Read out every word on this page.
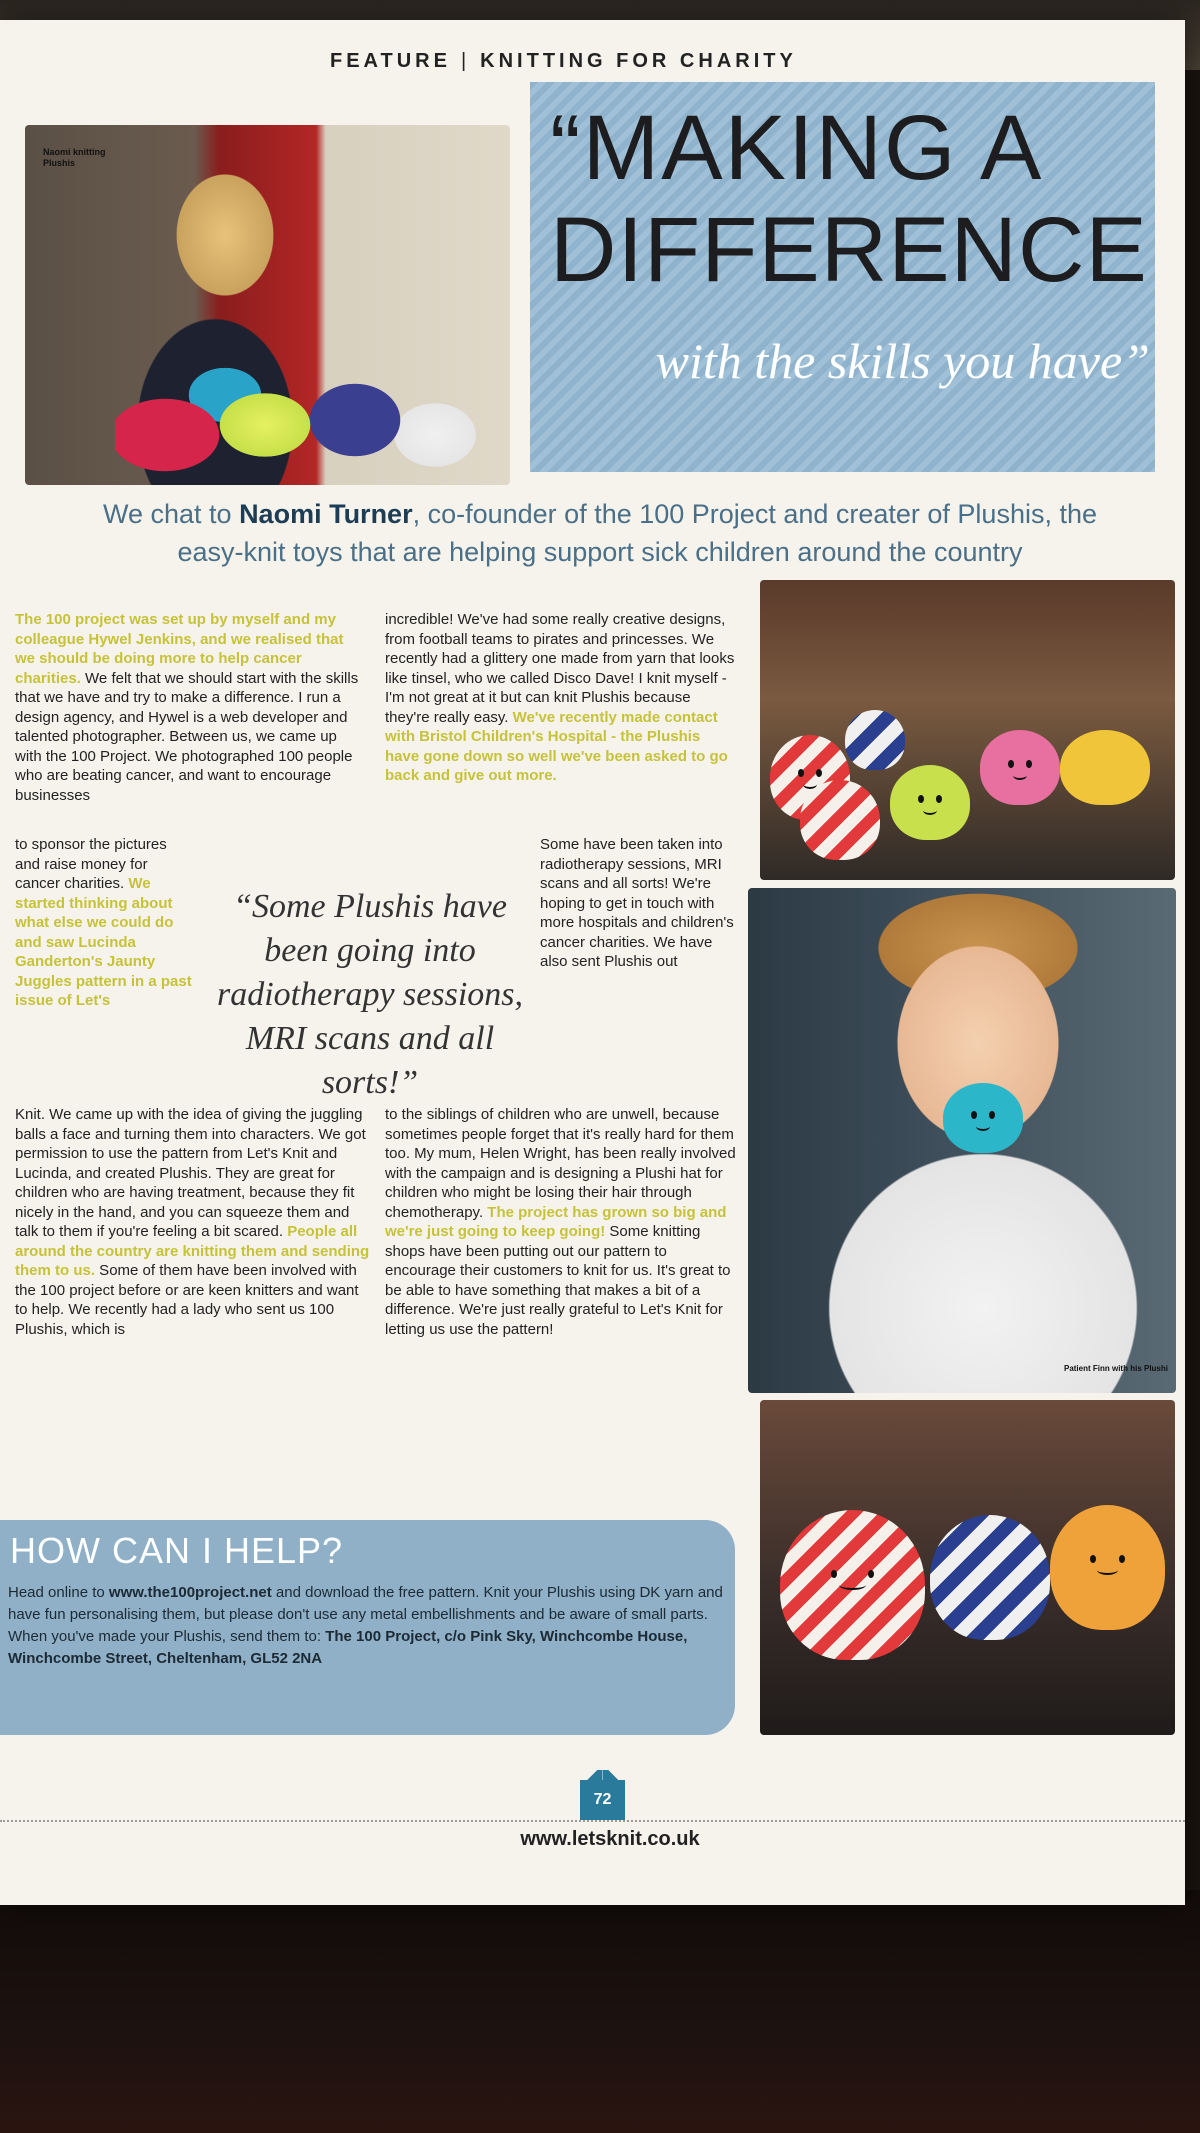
FEATURE | KNITTING FOR CHARITY
Naomi knitting Plushis	“MAKING A
DIFFERENCE
with the skills you have”
We chat to Naomi Turner, co-founder of the 100 Project and creater of Plushis, the easy-knit toys that are helping support sick children around the country
The 100 project was set up by myself and my colleague Hywel Jenkins, and we realised that we should be doing more to help cancer charities. We felt that we should start with the skills that we have and try to make a difference. I run a design agency, and Hywel is a web developer and talented photographer. Between us, we came up with the 100 Project. We photographed 100 people who are beating cancer, and want to encourage businesses
to sponsor the pictures and raise money for cancer charities. We started thinking about what else we could do and saw Lucinda Ganderton's Jaunty Juggles pattern in a past issue of Let's
Knit. We came up with the idea of giving the juggling balls a face and turning them into characters. We got permission to use the pattern from Let's Knit and Lucinda, and created Plushis. They are great for children who are having treatment, because they fit nicely in the hand, and you can squeeze them and talk to them if you're feeling a bit scared. People all around the country are knitting them and sending them to us. Some of them have been involved with the 100 project before or are keen knitters and want to help. We recently had a lady who sent us 100 Plushis, which is
incredible! We've had some really creative designs, from football teams to pirates and princesses. We recently had a glittery one made from yarn that looks like tinsel, who we called Disco Dave! I knit myself - I'm not great at it but can knit Plushis because they're really easy. We've recently made contact with Bristol Children's Hospital - the Plushis have gone down so well we've been asked to go back and give out more.
Some have been taken into radiotherapy sessions, MRI scans and all sorts! We're hoping to get in touch with more hospitals and children's cancer charities. We have also sent Plushis out
to the siblings of children who are unwell, because sometimes people forget that it's really hard for them too. My mum, Helen Wright, has been really involved with the campaign and is designing a Plushi hat for children who might be losing their hair through chemotherapy. The project has grown so big and we're just going to keep going! Some knitting shops have been putting out our pattern to encourage their customers to knit for us. It's great to be able to have something that makes a bit of a difference. We're just really grateful to Let's Knit for letting us use the pattern!
“Some Plushis have been going into radiotherapy sessions, MRI scans and all sorts!”
Patient Finn with his Plushi
HOW CAN I HELP?
Head online to www.the100project.net and download the free pattern. Knit your Plushis using DK yarn and have fun personalising them, but please don't use any metal embellishments and be aware of small parts. When you've made your Plushis, send them to: The 100 Project, c/o Pink Sky, Winchcombe House, Winchcombe Street, Cheltenham, GL52 2NA
72
www.letsknit.co.uk
